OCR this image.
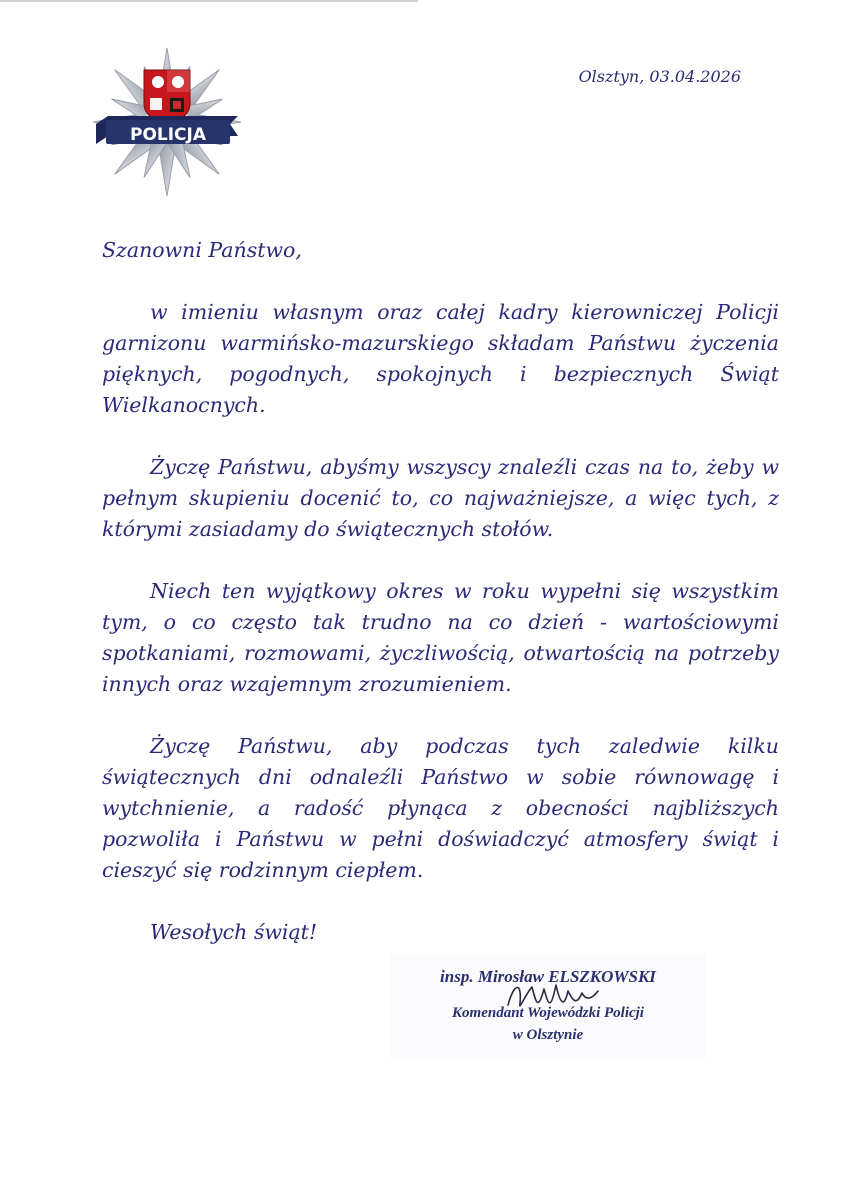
POLICJA
Olsztyn, 03.04.2026

Szanowni Państwo,

w imieniu własnym oraz całej kadry kierowniczej Policji garnizonu warmińsko-mazurskiego składam Państwu życzenia pięknych, pogodnych, spokojnych i bezpiecznych Świąt Wielkanocnych.

Życzę Państwu, abyśmy wszyscy znaleźli czas na to, żeby w pełnym skupieniu docenić to, co najważniejsze, a więc tych, z którymi zasiadamy do świątecznych stołów.

Niech ten wyjątkowy okres w roku wypełni się wszystkim tym, o co często tak trudno na co dzień - wartościowymi spotkaniami, rozmowami, życzliwością, otwartością na potrzeby innych oraz wzajemnym zrozumieniem.

Życzę Państwu, aby podczas tych zaledwie kilku świątecznych dni odnaleźli Państwo w sobie równowagę i wytchnienie, a radość płynąca z obecności najbliższych pozwoliła i Państwu w pełni doświadczyć atmosfery świąt i cieszyć się rodzinnym ciepłem.

Wesołych świąt!

insp. Mirosław ELSZKOWSKI
Komendant Wojewódzki Policji
w Olsztynie
